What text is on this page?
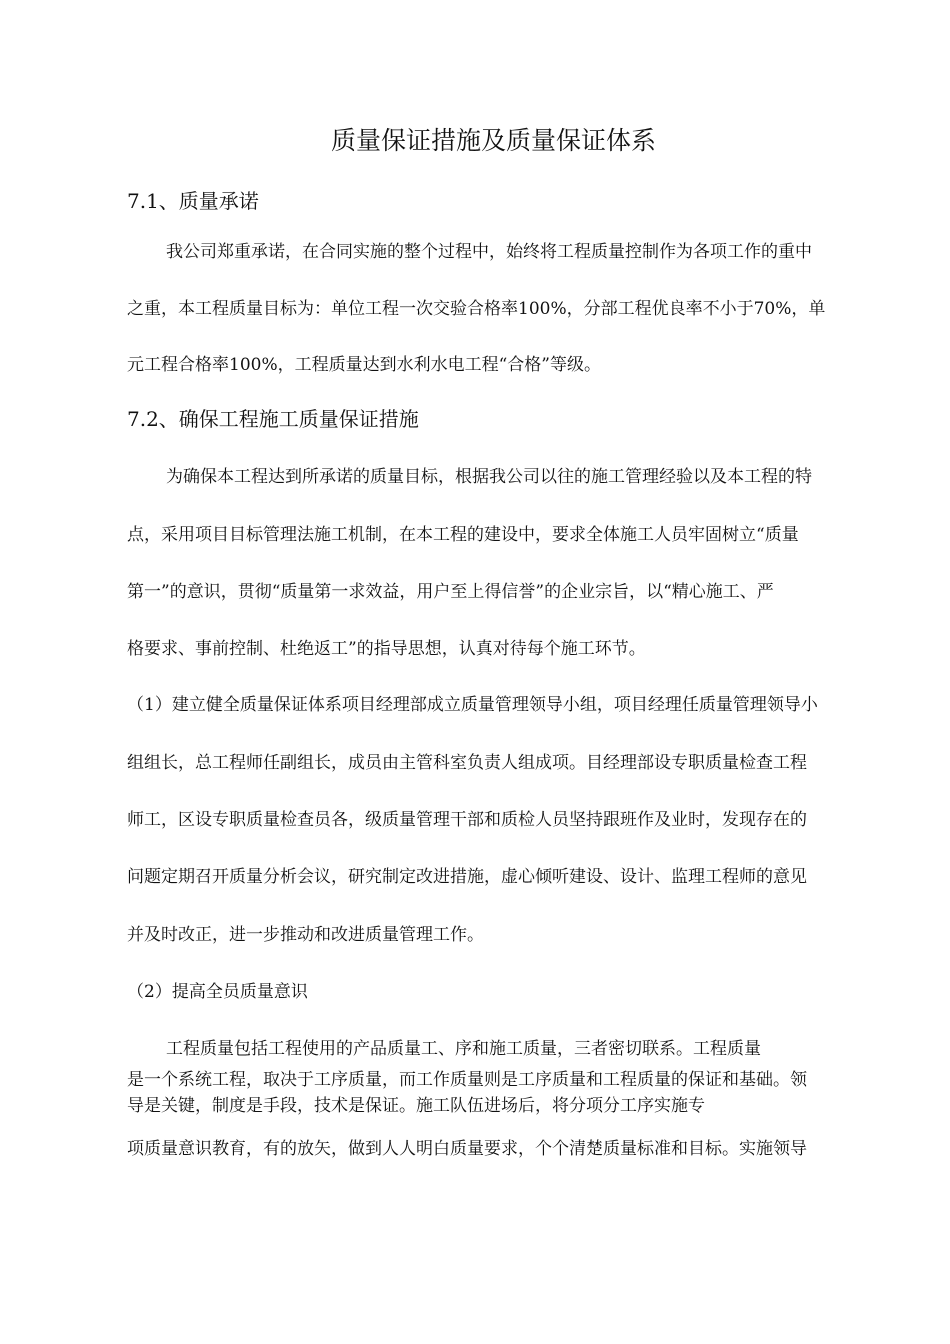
质量保证措施及质量保证体系
7.1、质量承诺
我公司郑重承诺，在合同实施的整个过程中，始终将工程质量控制作为各项工作的重中
之重，本工程质量目标为：单位工程一次交验合格率100%，分部工程优良率不小于70%，单
元工程合格率100%，工程质量达到水利水电工程“合格”等级。
7.2、确保工程施工质量保证措施
为确保本工程达到所承诺的质量目标，根据我公司以往的施工管理经验以及本工程的特
点，采用项目目标管理法施工机制，在本工程的建设中，要求全体施工人员牢固树立“质量
第一”的意识，贯彻“质量第一求效益，用户至上得信誉”的企业宗旨，以“精心施工、严
格要求、事前控制、杜绝返工”的指导思想，认真对待每个施工环节。
（1）建立健全质量保证体系项目经理部成立质量管理领导小组，项目经理任质量管理领导小
组组长，总工程师任副组长，成员由主管科室负责人组成项。目经理部设专职质量检查工程
师工，区设专职质量检查员各，级质量管理干部和质检人员坚持跟班作及业时，发现存在的
问题定期召开质量分析会议，研究制定改进措施，虚心倾听建设、设计、监理工程师的意见
并及时改正，进一步推动和改进质量管理工作。
（2）提高全员质量意识
工程质量包括工程使用的产品质量工、序和施工质量，三者密切联系。工程质量
是一个系统工程，取决于工序质量，而工作质量则是工序质量和工程质量的保证和基础。领
导是关键，制度是手段，技术是保证。施工队伍进场后，将分项分工序实施专
项质量意识教育，有的放矢，做到人人明白质量要求，个个清楚质量标准和目标。实施领导
